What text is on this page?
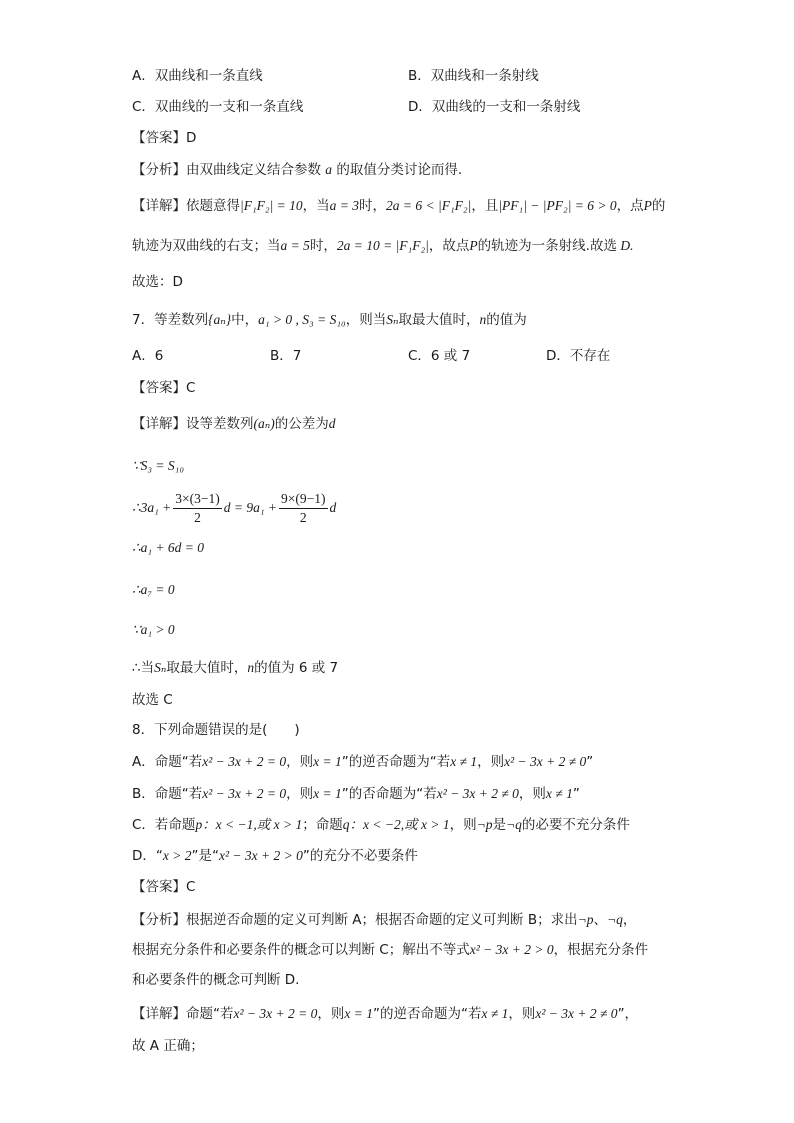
A．双曲线和一条直线	B．双曲线和一条射线
C．双曲线的一支和一条直线	D．双曲线的一支和一条射线
【答案】D
【分析】由双曲线定义结合参数 a 的取值分类讨论而得.
【详解】依题意得|F₁F₂| = 10，当a = 3时，2a = 6 < |F₁F₂|，且|PF₁| − |PF₂| = 6 > 0，点P的
轨迹为双曲线的右支；当a = 5时，2a = 10 = |F₁F₂|，故点P的轨迹为一条射线.故选 D.
故选：D
7．等差数列{aₙ}中，a₁ > 0 , S₃ = S₁₀，则当Sₙ取最大值时，n的值为
A．6	B．7	C．6 或 7	D．不存在
【答案】C
【详解】设等差数列(aₙ)的公差为d
∵S₃ = S₁₀
∴3a₁ + $\frac{3\times(3-1)}{2}$ $d = 9a_1 + \frac{9\times(9-1)}{2}$ d
∴a₁ + 6d = 0
∴a₇ = 0
∵a₁ > 0
∴当Sₙ取最大值时，n的值为 6 或 7
故选 C
8．下列命题错误的是(　　)
A．命题“若x² − 3x + 2 = 0，则x = 1”的逆否命题为“若x ≠ 1，则x² − 3x + 2 ≠ 0”
B．命题“若x² − 3x + 2 = 0，则x = 1”的否命题为“若x² − 3x + 2 ≠ 0，则x ≠ 1”
C．若命题p：x < −1,或 x > 1；命题q：x < −2,或 x > 1，则¬p是¬q的必要不充分条件
D．“x > 2”是“x² − 3x + 2 > 0”的充分不必要条件
【答案】C
【分析】根据逆否命题的定义可判断 A；根据否命题的定义可判断 B；求出¬p、¬q，
根据充分条件和必要条件的概念可以判断 C；解出不等式x² − 3x + 2 > 0，根据充分条件
和必要条件的概念可判断 D.
【详解】命题“若x² − 3x + 2 = 0，则x = 1”的逆否命题为“若x ≠ 1，则x² − 3x + 2 ≠ 0”，
故 A 正确；
